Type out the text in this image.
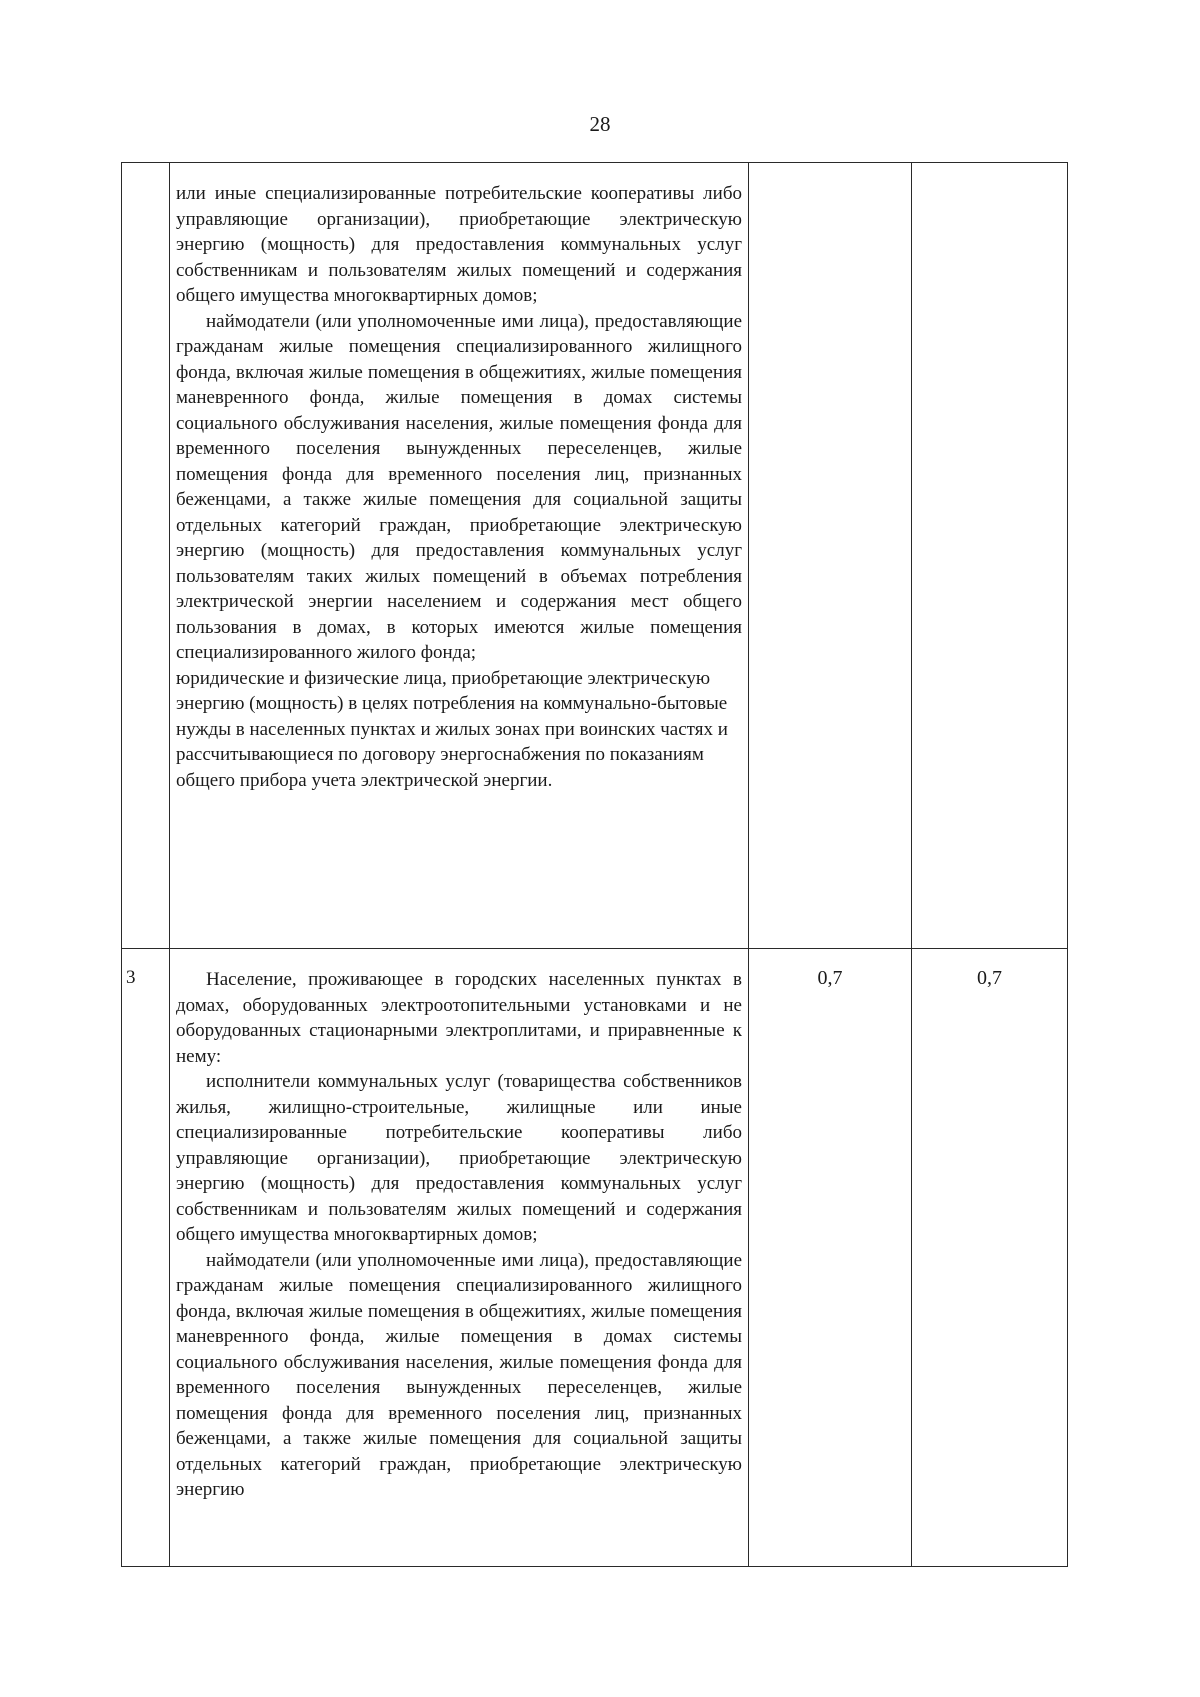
28

	или иные специализированные потребительские кооперативы либо управляющие организации), приобретающие электрическую энергию (мощность) для предоставления коммунальных услуг собственникам и пользователям жилых помещений и содержания общего имущества многоквартирных домов;

наймодатели (или уполномоченные ими лица), предоставляющие гражданам жилые помещения специализированного жилищного фонда, включая жилые помещения в общежитиях, жилые помещения маневренного фонда, жилые помещения в домах системы социального обслуживания населения, жилые помещения фонда для временного поселения вынужденных переселенцев, жилые помещения фонда для временного поселения лиц, признанных беженцами, а также жилые помещения для социальной защиты отдельных категорий граждан, приобретающие электрическую энергию (мощность) для предоставления коммунальных услуг пользователям таких жилых помещений в объемах потребления электрической энергии населением и содержания мест общего пользования в домах, в которых имеются жилые помещения специализированного жилого фонда;

юридические и физические лица, приобретающие электрическую энергию (мощность) в целях потребления на коммунально-бытовые нужды в населенных пунктах и жилых зонах при воинских частях и рассчитывающиеся по договору энергоснабжения по показаниям общего прибора учета электрической энергии.		

3	Население, проживающее в городских населенных пунктах в домах, оборудованных электроотопительными установками и не оборудованных стационарными электроплитами, и приравненные к нему:

исполнители коммунальных услуг (товарищества собственников жилья, жилищно-строительные, жилищные или иные специализированные потребительские кооперативы либо управляющие организации), приобретающие электрическую энергию (мощность) для предоставления коммунальных услуг собственникам и пользователям жилых помещений и содержания общего имущества многоквартирных домов;

наймодатели (или уполномоченные ими лица), предоставляющие гражданам жилые помещения специализированного жилищного фонда, включая жилые помещения в общежитиях, жилые помещения маневренного фонда, жилые помещения в домах системы социального обслуживания населения, жилые помещения фонда для временного поселения вынужденных переселенцев, жилые помещения фонда для временного поселения лиц, признанных беженцами, а также жилые помещения для социальной защиты отдельных категорий граждан, приобретающие электрическую энергию	0,7	0,7
